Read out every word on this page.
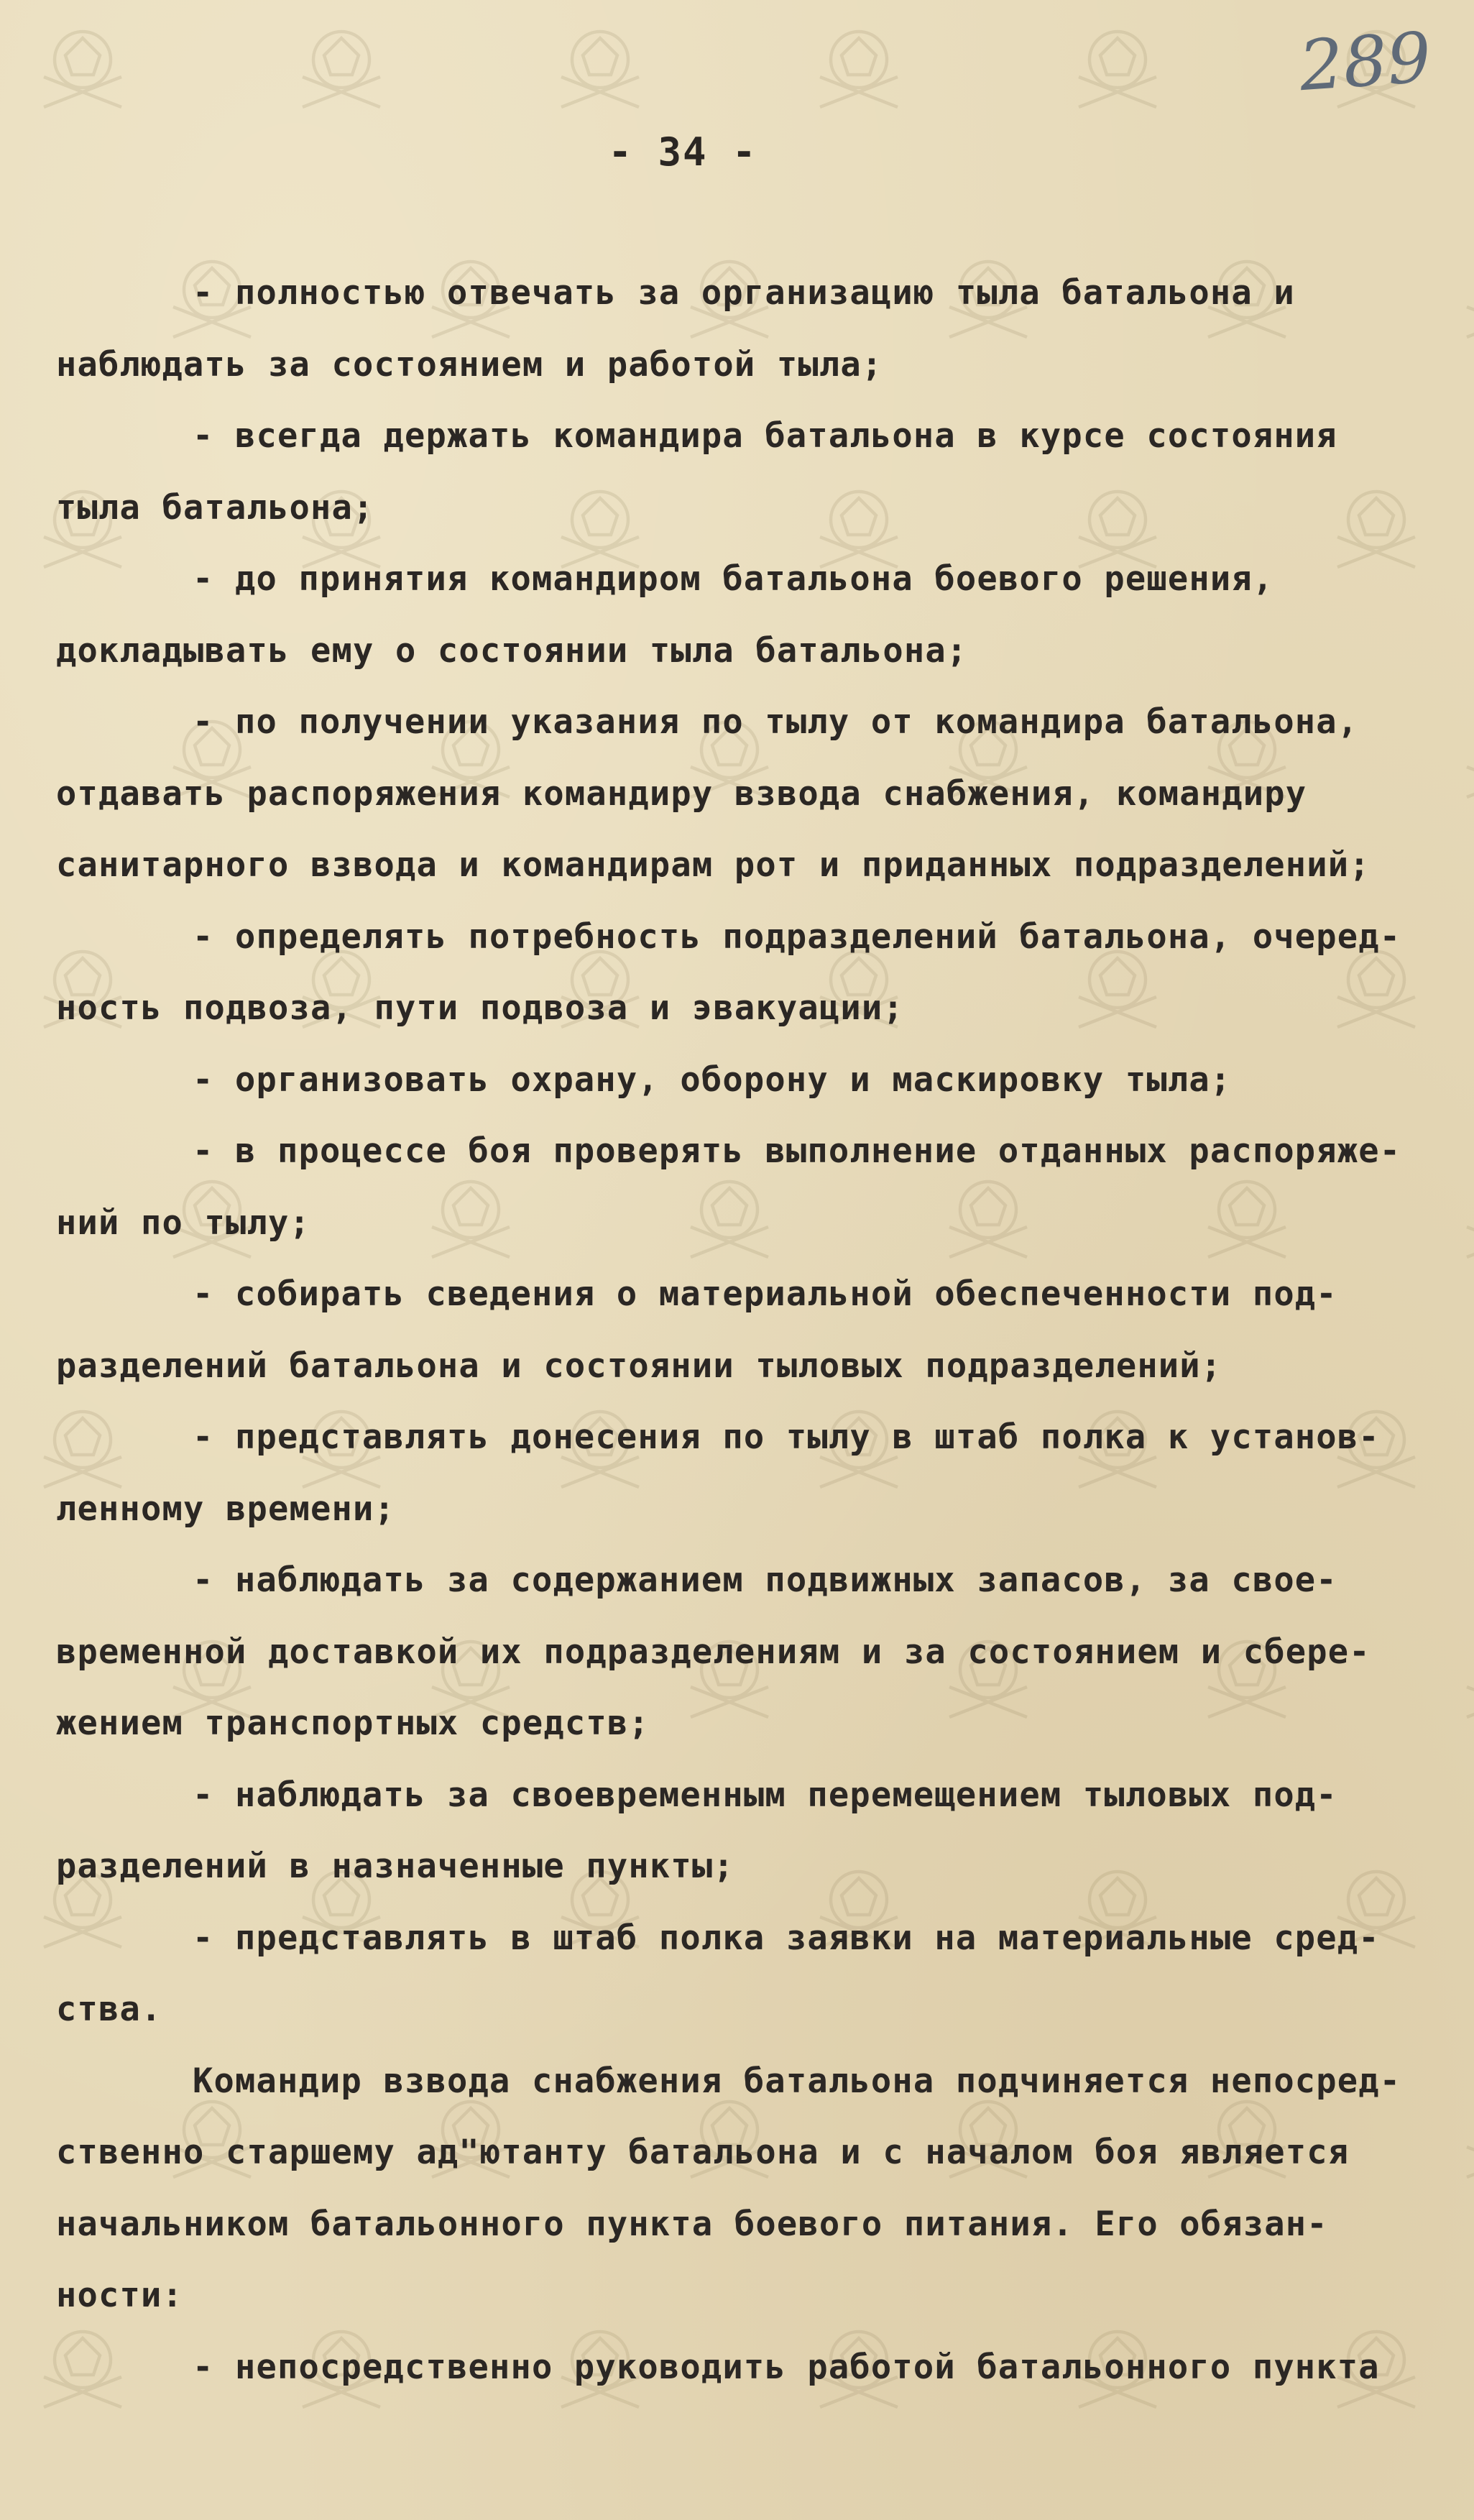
289
- 34 -
- полностью отвечать за организацию тыла батальона и
наблюдать за состоянием и работой тыла;
- всегда держать командира батальона в курсе состояния
тыла батальона;
- до принятия командиром батальона боевого решения,
докладывать ему о состоянии тыла батальона;
- по получении указания по тылу от командира батальона,
отдавать распоряжения командиру взвода снабжения, командиру
санитарного взвода и командирам рот и приданных подразделений;
- определять потребность подразделений батальона, очеред-
ность подвоза, пути подвоза и эвакуации;
- организовать охрану, оборону и маскировку тыла;
- в процессе боя проверять выполнение отданных распоряже-
ний по тылу;
- собирать сведения о материальной обеспеченности под-
разделений батальона и состоянии тыловых подразделений;
- представлять донесения по тылу в штаб полка к установ-
ленному времени;
- наблюдать за содержанием подвижных запасов, за свое-
временной доставкой их подразделениям и за состоянием и сбере-
жением транспортных средств;
- наблюдать за своевременным перемещением тыловых под-
разделений в назначенные пункты;
- представлять в штаб полка заявки на материальные сред-
ства.
Командир взвода снабжения батальона подчиняется непосред-
ственно старшему ад"ютанту батальона и с началом боя является
начальником батальонного пункта боевого питания. Его обязан-
ности:
- непосредственно руководить работой батальонного пункта
